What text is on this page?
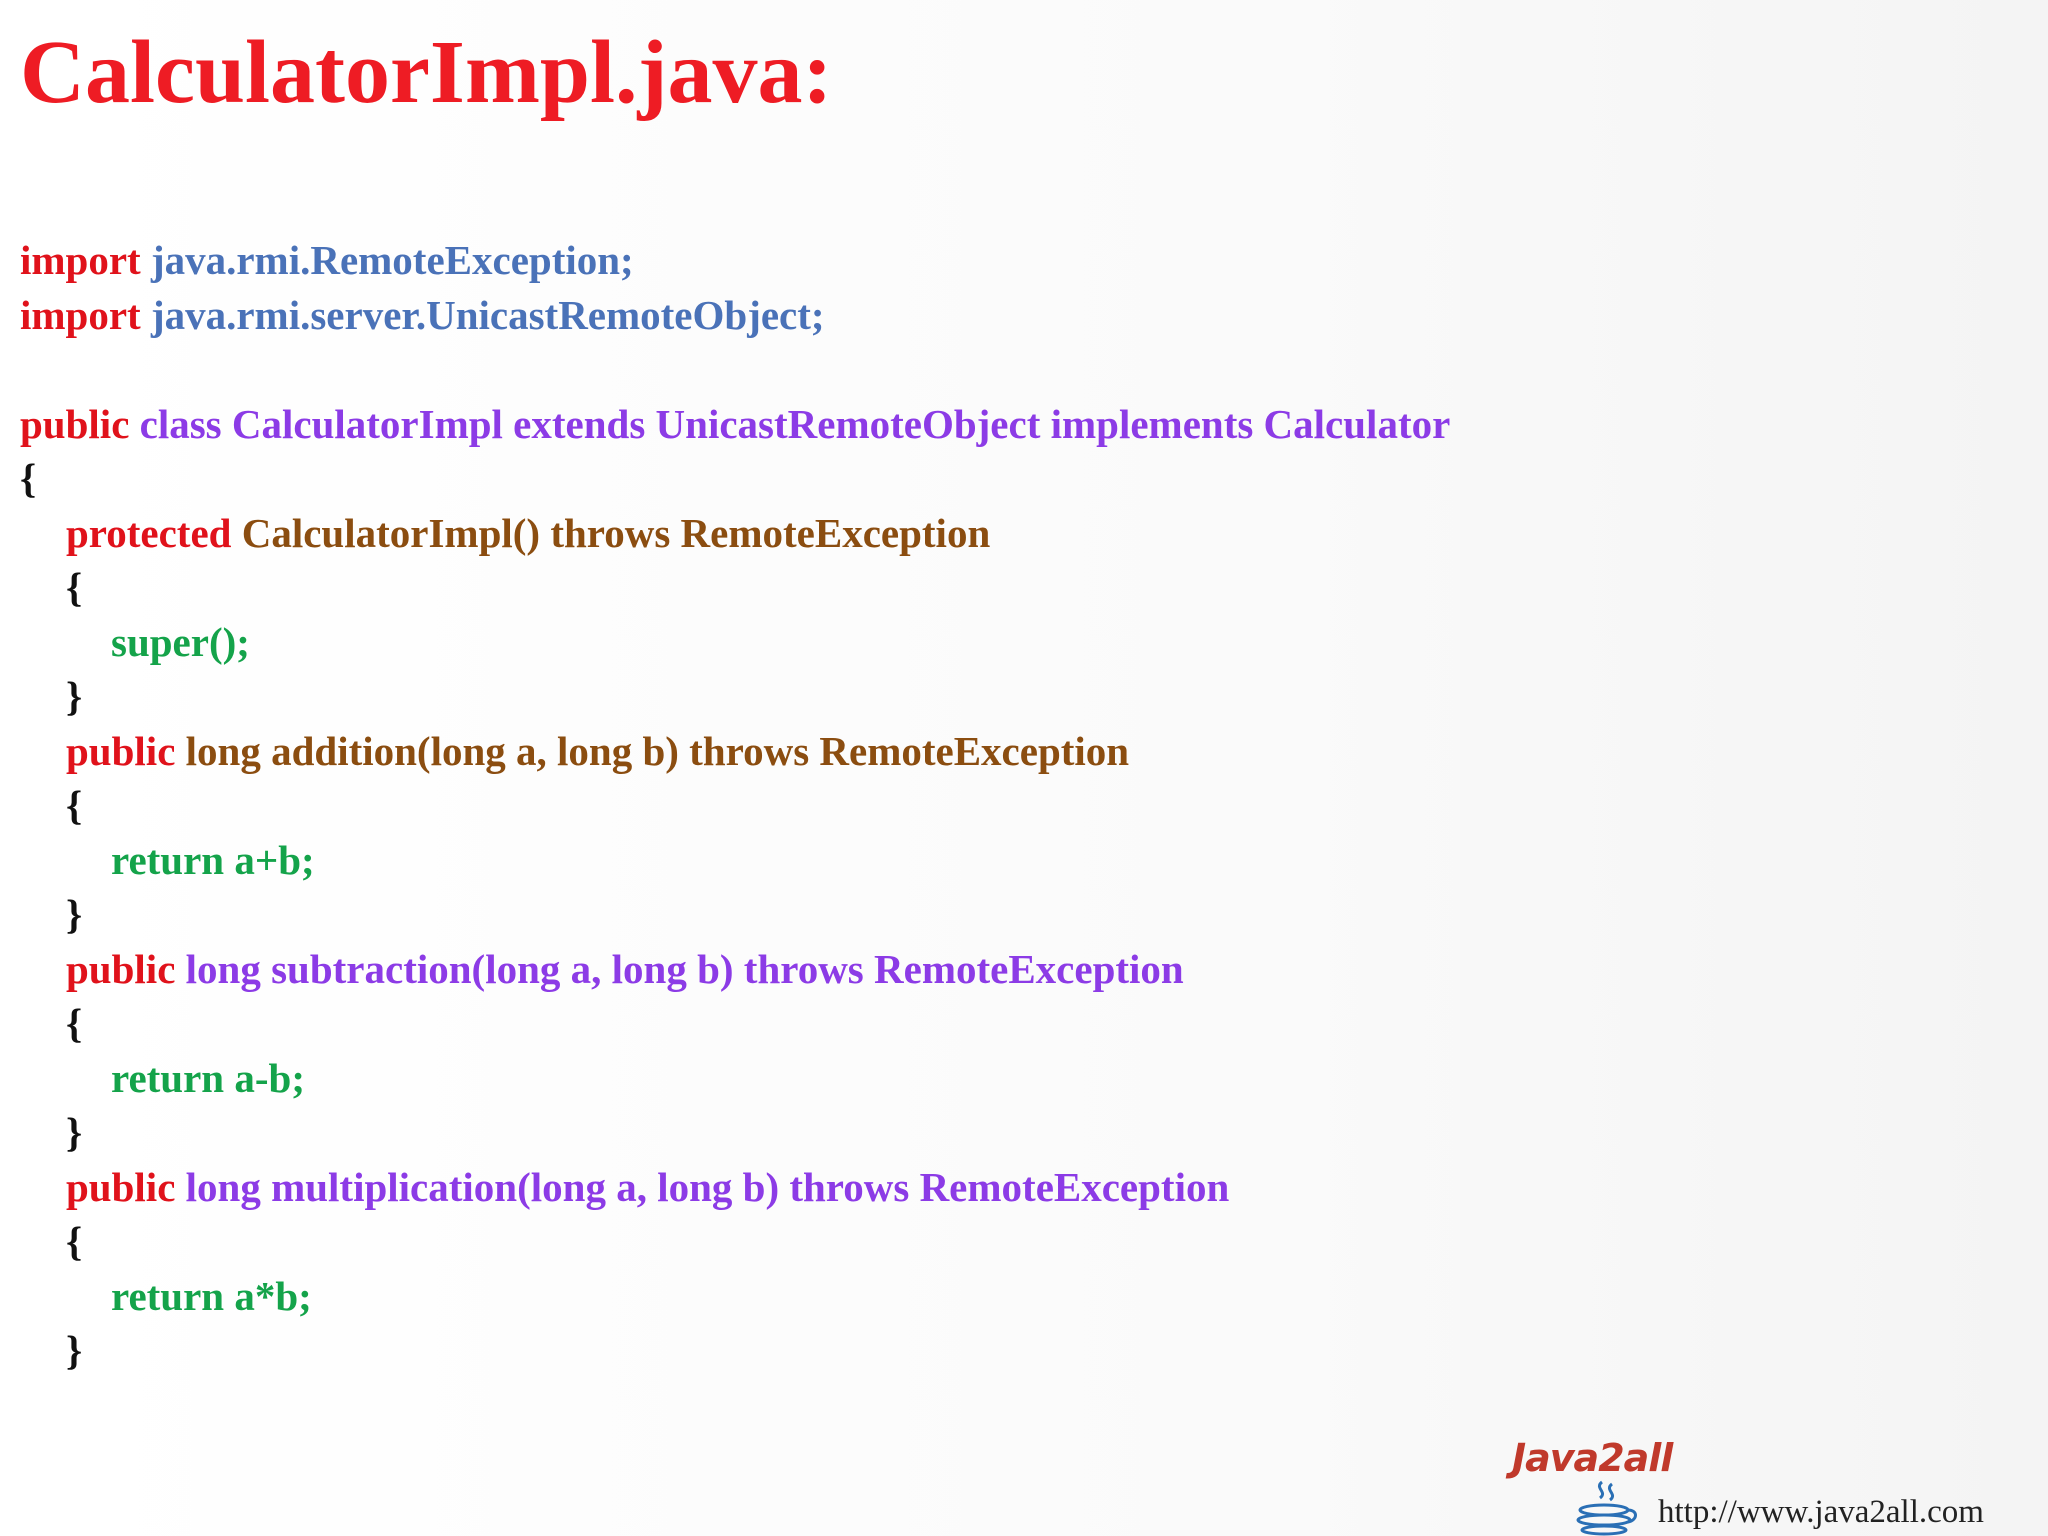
CalculatorImpl.java:
import java.rmi.RemoteException;
import java.rmi.server.UnicastRemoteObject;
public class CalculatorImpl extends UnicastRemoteObject implements Calculator
{
protected CalculatorImpl() throws RemoteException
{
super();
}
public long addition(long a, long b) throws RemoteException
{
return a+b;
}
public long subtraction(long a, long b) throws RemoteException
{
return a-b;
}
public long multiplication(long a, long b) throws RemoteException
{
return a*b;
}
Java2all
http://www.java2all.com
